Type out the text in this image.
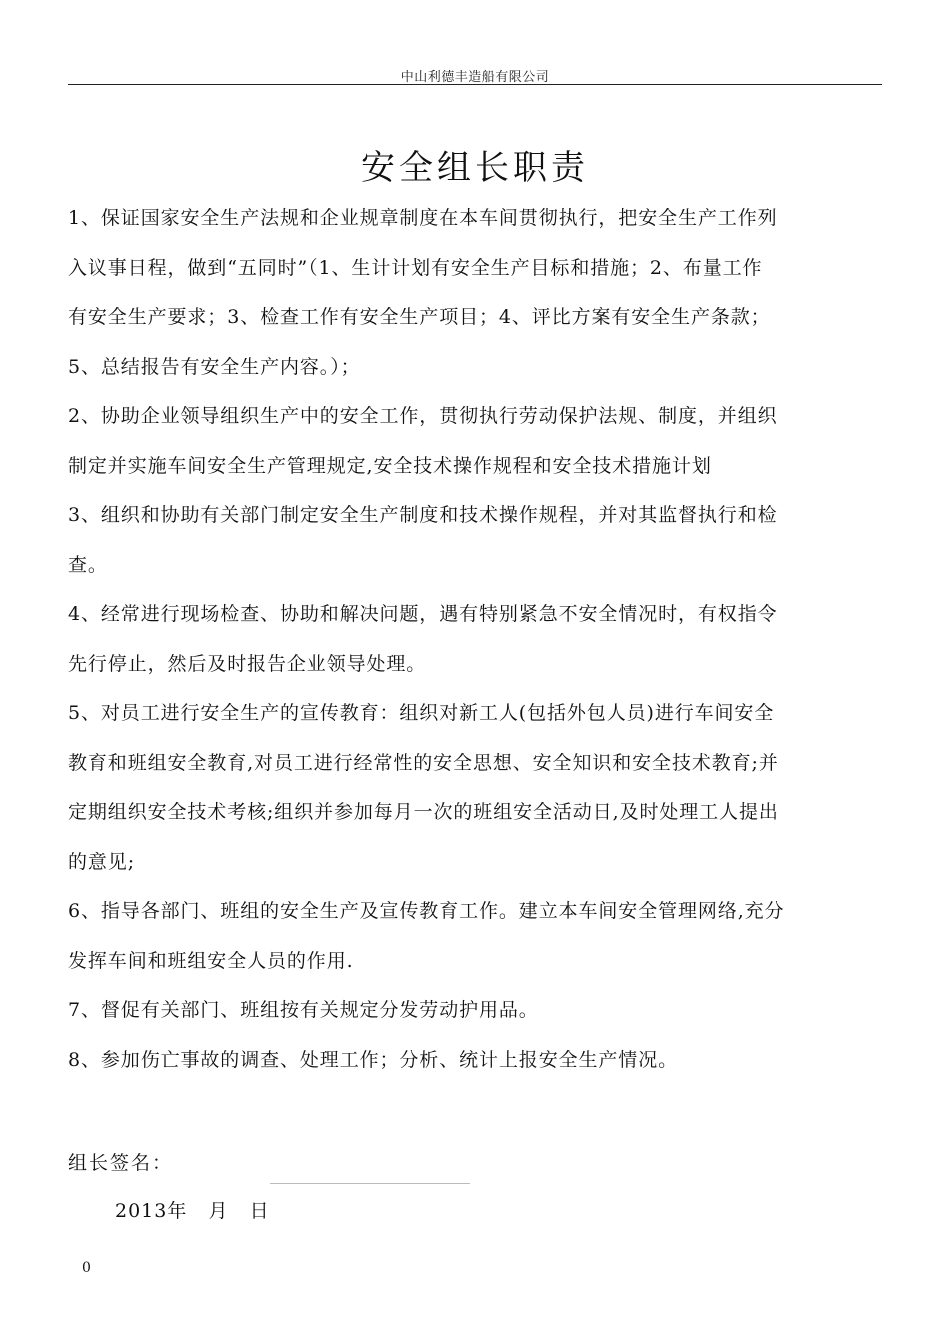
中山利德丰造船有限公司
安全组长职责
1、保证国家安全生产法规和企业规章制度在本车间贯彻执行，把安全生产工作列
入议事日程，做到“五同时”（1、生计计划有安全生产目标和措施；2、布量工作
有安全生产要求；3、检查工作有安全生产项目；4、评比方案有安全生产条款；
5、总结报告有安全生产内容。）；
2、协助企业领导组织生产中的安全工作，贯彻执行劳动保护法规、制度，并组织
制定并实施车间安全生产管理规定,安全技术操作规程和安全技术措施计划
3、组织和协助有关部门制定安全生产制度和技术操作规程，并对其监督执行和检
查。
4、经常进行现场检查、协助和解决问题，遇有特别紧急不安全情况时，有权指令
先行停止，然后及时报告企业领导处理。
5、对员工进行安全生产的宣传教育：组织对新工人(包括外包人员)进行车间安全
教育和班组安全教育,对员工进行经常性的安全思想、安全知识和安全技术教育;并
定期组织安全技术考核;组织并参加每月一次的班组安全活动日,及时处理工人提出
的意见;
6、指导各部门、班组的安全生产及宣传教育工作。建立本车间安全管理网络,充分
发挥车间和班组安全人员的作用.
7、督促有关部门、班组按有关规定分发劳动护用品。
8、参加伤亡事故的调查、处理工作；分析、统计上报安全生产情况。
组长签名：
2013年   月   日
0
